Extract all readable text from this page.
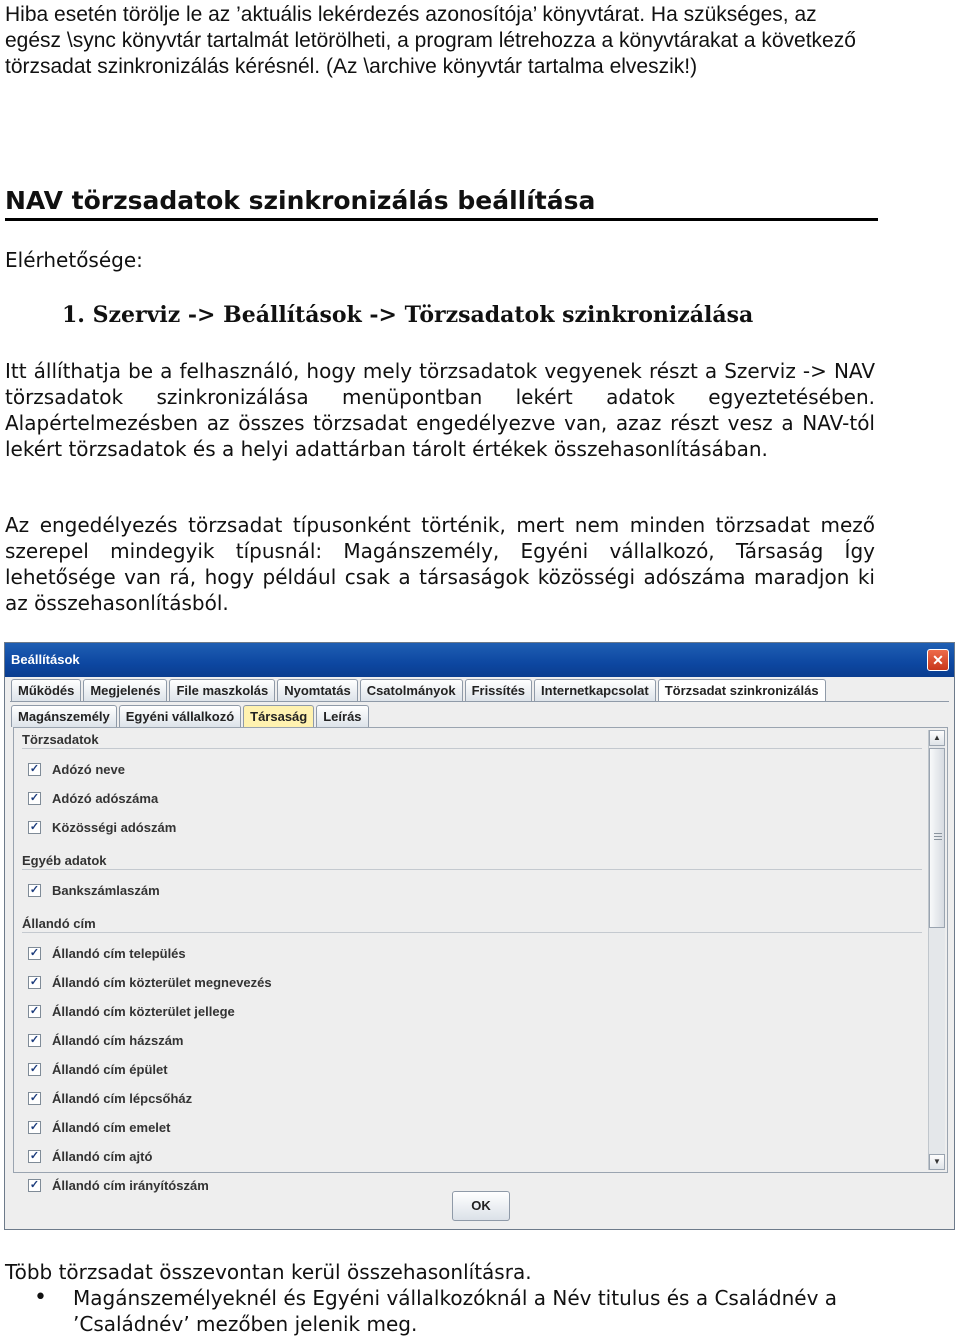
Hiba esetén törölje le az ’aktuális lekérdezés azonosítója’ könyvtárat. Ha szükséges, az egész \sync könyvtár tartalmát letörölheti, a program létrehozza a könyvtárakat a következő törzsadat szinkronizálás kérésnél. (Az \archive könyvtár tartalma elveszik!)

NAV törzsadatok szinkronizálás beállítása

Elérhetősége:

1. Szerviz -> Beállítások -> Törzsadatok szinkronizálása

Itt állíthatja be a felhasználó, hogy mely törzsadatok vegyenek részt a Szerviz -> NAV törzsadatok szinkronizálása menüpontban lekért adatok egyeztetésében. Alapértelmezésben az összes törzsadat engedélyezve van, azaz részt vesz a NAV-tól lekért törzsadatok és a helyi adattárban tárolt értékek összehasonlításában.

Az engedélyezés törzsadat típusonként történik, mert nem minden törzsadat mező szerepel mindegyik típusnál: Magánszemély, Egyéni vállalkozó, Társaság Így lehetősége van rá, hogy például csak a társaságok közösségi adószáma maradjon ki az összehasonlításból.

Beállítások	✕
Működés	Megjelenés	File maszkolás	Nyomtatás	Csatolmányok	Frissítés	Internetkapcsolat	Törzsadat szinkronizálás
Magánszemély	Egyéni vállalkozó	Társaság	Leírás
Törzsadatok
✓ Adózó neve
✓ Adózó adószáma
✓ Közösségi adószám
Egyéb adatok
✓ Bankszámlaszám
Állandó cím
✓ Állandó cím település
✓ Állandó cím közterület megnevezés
✓ Állandó cím közterület jellege
✓ Állandó cím házszám
✓ Állandó cím épület
✓ Állandó cím lépcsőház
✓ Állandó cím emelet
✓ Állandó cím ajtó
✓ Állandó cím irányítószám
▲
▼
OK

Több törzsadat összevontan kerül összehasonlításra.

• Magánszemélyeknél és Egyéni vállalkozóknál a Név titulus és a Családnév a ’Családnév’ mezőben jelenik meg.
